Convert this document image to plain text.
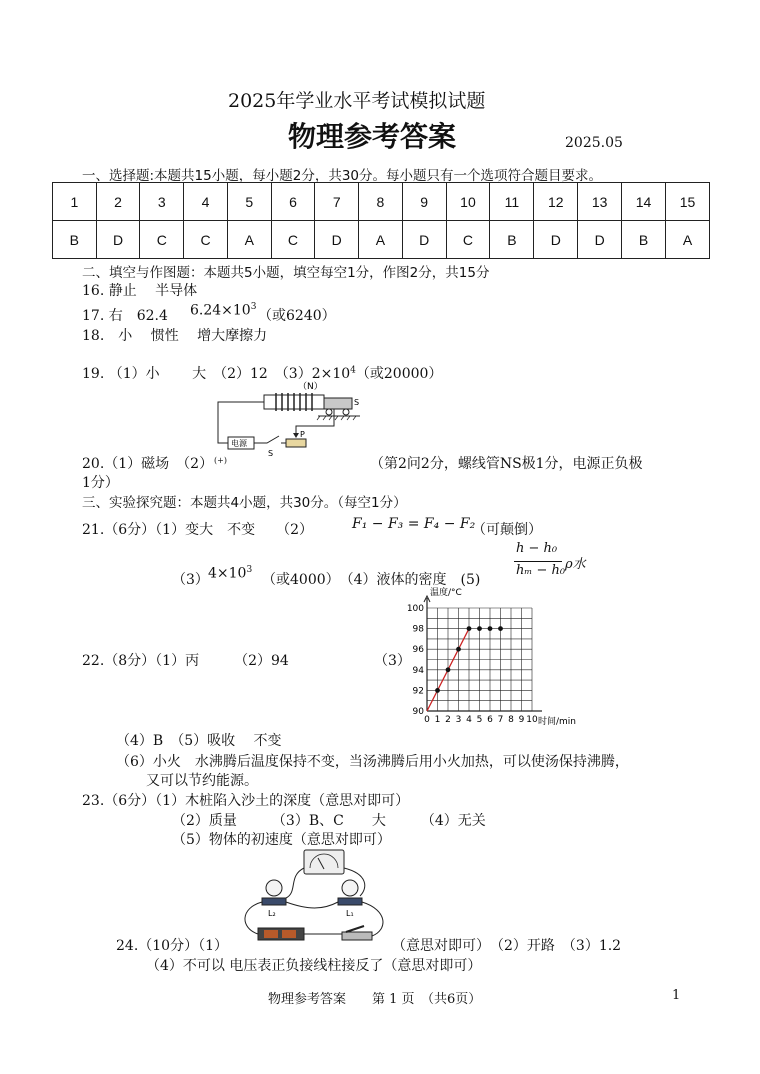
2025年学业水平考试模拟试题
物理参考答案	2025.05
一、选择题:本题共15小题，每小题2分，共30分。每小题只有一个选项符合题目要求。
1	2	3	4	5	6	7	8	9	10	11	12	13	14	15
B	D	C	C	A	C	D	A	D	C	B	D	D	B	A
二、填空与作图题：本题共5小题，填空每空1分，作图2分，共15分
16. 静止　 半导体
17. 右　62.4 $6.24\times 10^3$
（或6240）
18.　小　 惯性　 增大摩擦力
19. （1）小　　 大　（2）12　$(3)2\times 10^4$（或20000）
（N）
电源
S
P
S
20.（1）磁场　（2） (+)	（第2问2分，螺线管NS极1分，电源正负极
1分）
三、实验探究题：本题共4小题，共30分。（每空1分）
21.（6分）（1）变大　不变　　（2）	F₁ − F₃ = F₄ − F₂
（可颠倒）
（3） $4\times 10^3$
（或4000）　（4）液体的密度　(5)
h − h₀
hₘ − h₀ ρ水
温度/°C
时间/min
0 1 2 3 4 5 6 7 8 9 10
90
92
94
96
98
100
22.（8分）（1）丙　　　（2）94	（3）
（4）B　（5）吸收　 不变
（6）小火　水沸腾后温度保持不变，当汤沸腾后用小火加热，可以使汤保持沸腾，
又可以节约能源。
23.（6分）（1）木桩陷入沙土的深度（意思对即可）
（2）质量　　　（3）B、C　　大　　　（4）无关
（5）物体的初速度（意思对即可）
L₂	L₁
24.（10分）（1）	（意思对即可）　（2）开路　（3）1.2
（4）不可以 电压表正负接线柱接反了（意思对即可）
物理参考答案　　第 1 页　（共6页）	1
